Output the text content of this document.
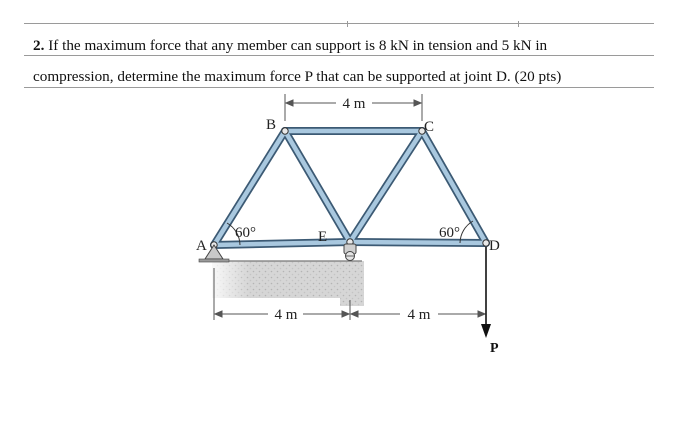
2. If the maximum force that any member can support is 8 kN in tension and 5 kN in
compression, determine the maximum force P that can be supported at joint D. (20 pts)

4 m
4 m	4 m
P
A
B	C
D
E
60°	60°
